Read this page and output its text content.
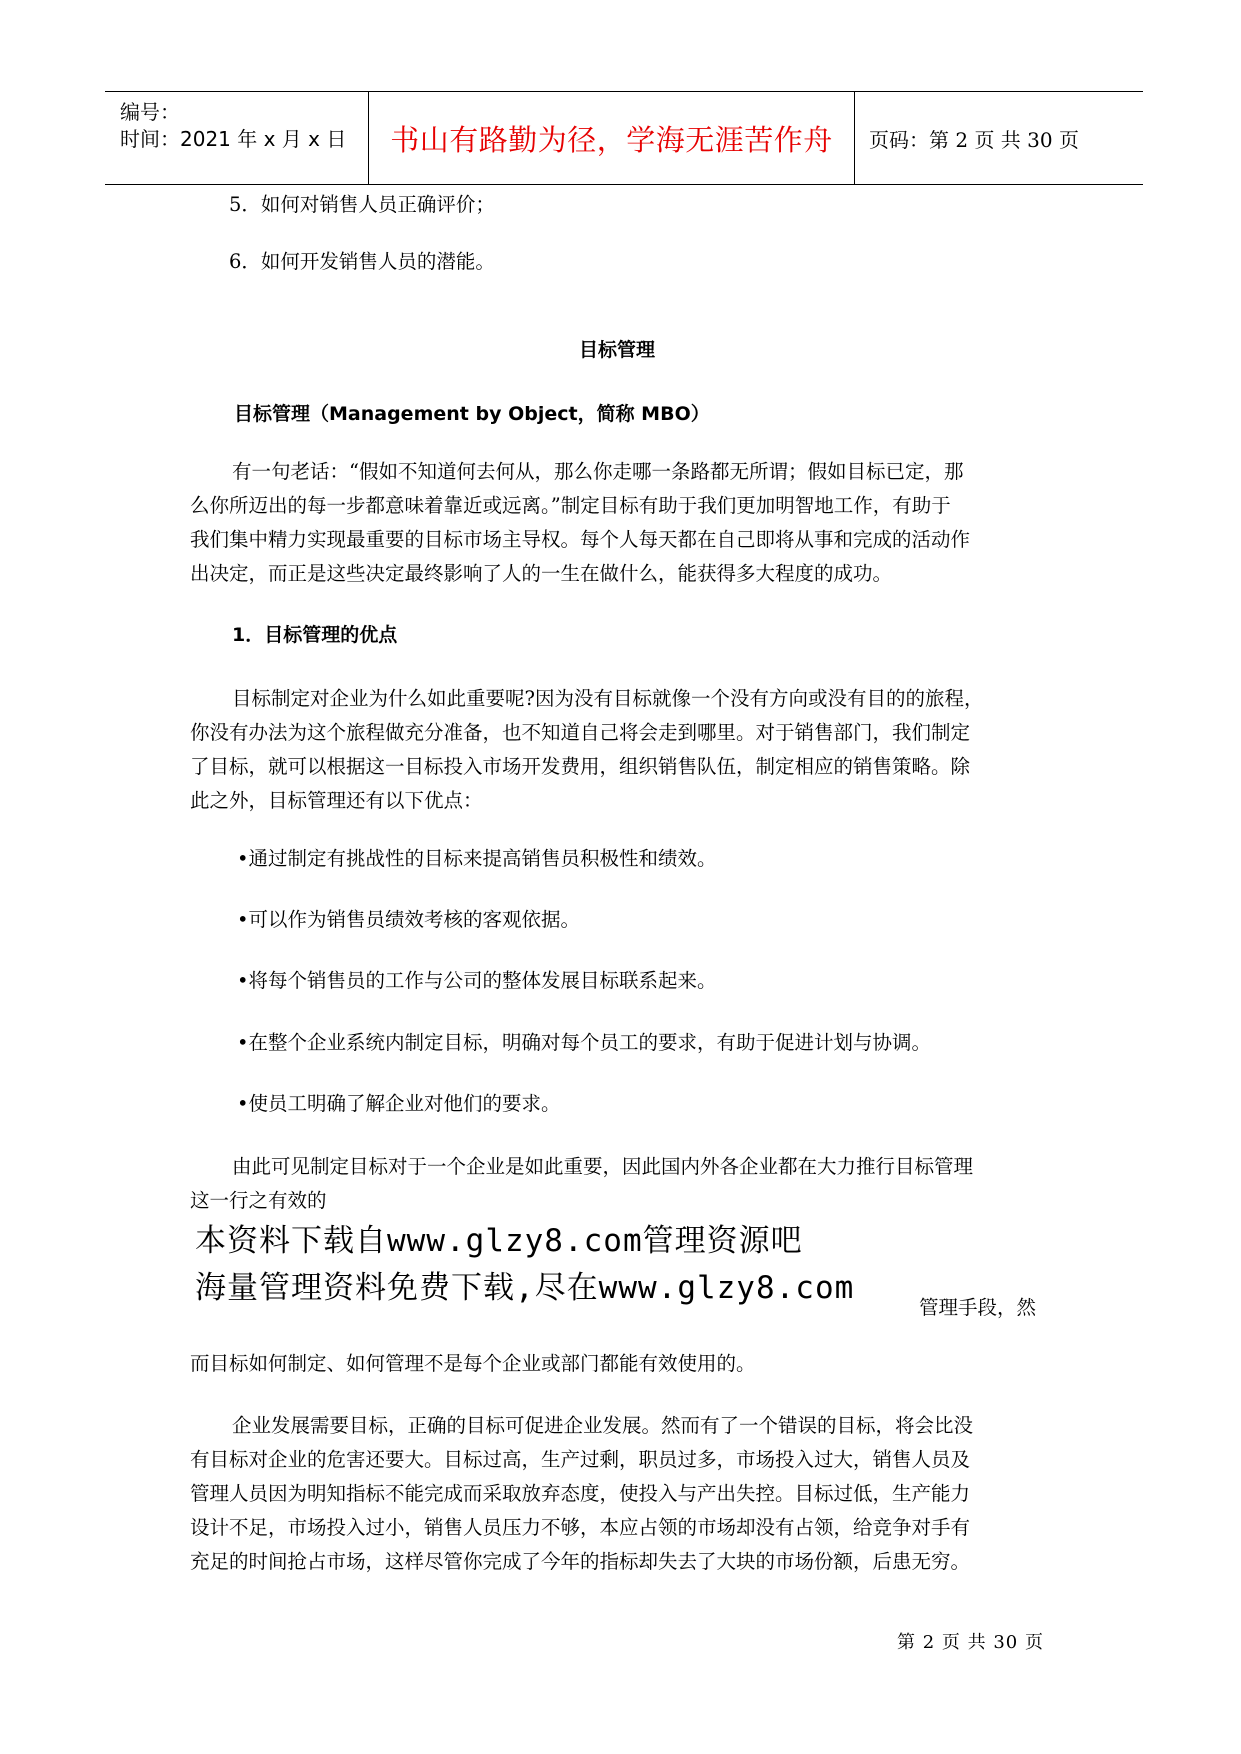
编号：
时间：2021 年 x 月 x 日 书山有路勤为径，学海无涯苦作舟 页码：第 2 页 共 30 页
5．如何对销售人员正确评价；
6．如何开发销售人员的潜能。
目标管理
目标管理（Management by Object，简称 MBO）
有一句老话：“假如不知道何去何从，那么你走哪一条路都无所谓；假如目标已定，那
么你所迈出的每一步都意味着靠近或远离。”制定目标有助于我们更加明智地工作，有助于
我们集中精力实现最重要的目标市场主导权。每个人每天都在自己即将从事和完成的活动作
出决定，而正是这些决定最终影响了人的一生在做什么，能获得多大程度的成功。
1．目标管理的优点
目标制定对企业为什么如此重要呢?因为没有目标就像一个没有方向或没有目的的旅程，
你没有办法为这个旅程做充分准备，也不知道自己将会走到哪里。对于销售部门，我们制定
了目标，就可以根据这一目标投入市场开发费用，组织销售队伍，制定相应的销售策略。除
此之外，目标管理还有以下优点：
•通过制定有挑战性的目标来提高销售员积极性和绩效。
•可以作为销售员绩效考核的客观依据。
•将每个销售员的工作与公司的整体发展目标联系起来。
•在整个企业系统内制定目标，明确对每个员工的要求，有助于促进计划与协调。
•使员工明确了解企业对他们的要求。
由此可见制定目标对于一个企业是如此重要，因此国内外各企业都在大力推行目标管理
这一行之有效的
本资料下载自www.glzy8.com管理资源吧
海量管理资料免费下载,尽在www.glzy8.com
管理手段，然
而目标如何制定、如何管理不是每个企业或部门都能有效使用的。
企业发展需要目标，正确的目标可促进企业发展。然而有了一个错误的目标，将会比没
有目标对企业的危害还要大。目标过高，生产过剩，职员过多，市场投入过大，销售人员及
管理人员因为明知指标不能完成而采取放弃态度，使投入与产出失控。目标过低，生产能力
设计不足，市场投入过小，销售人员压力不够，本应占领的市场却没有占领，给竞争对手有
充足的时间抢占市场，这样尽管你完成了今年的指标却失去了大块的市场份额，后患无穷。
第 2 页 共 30 页
